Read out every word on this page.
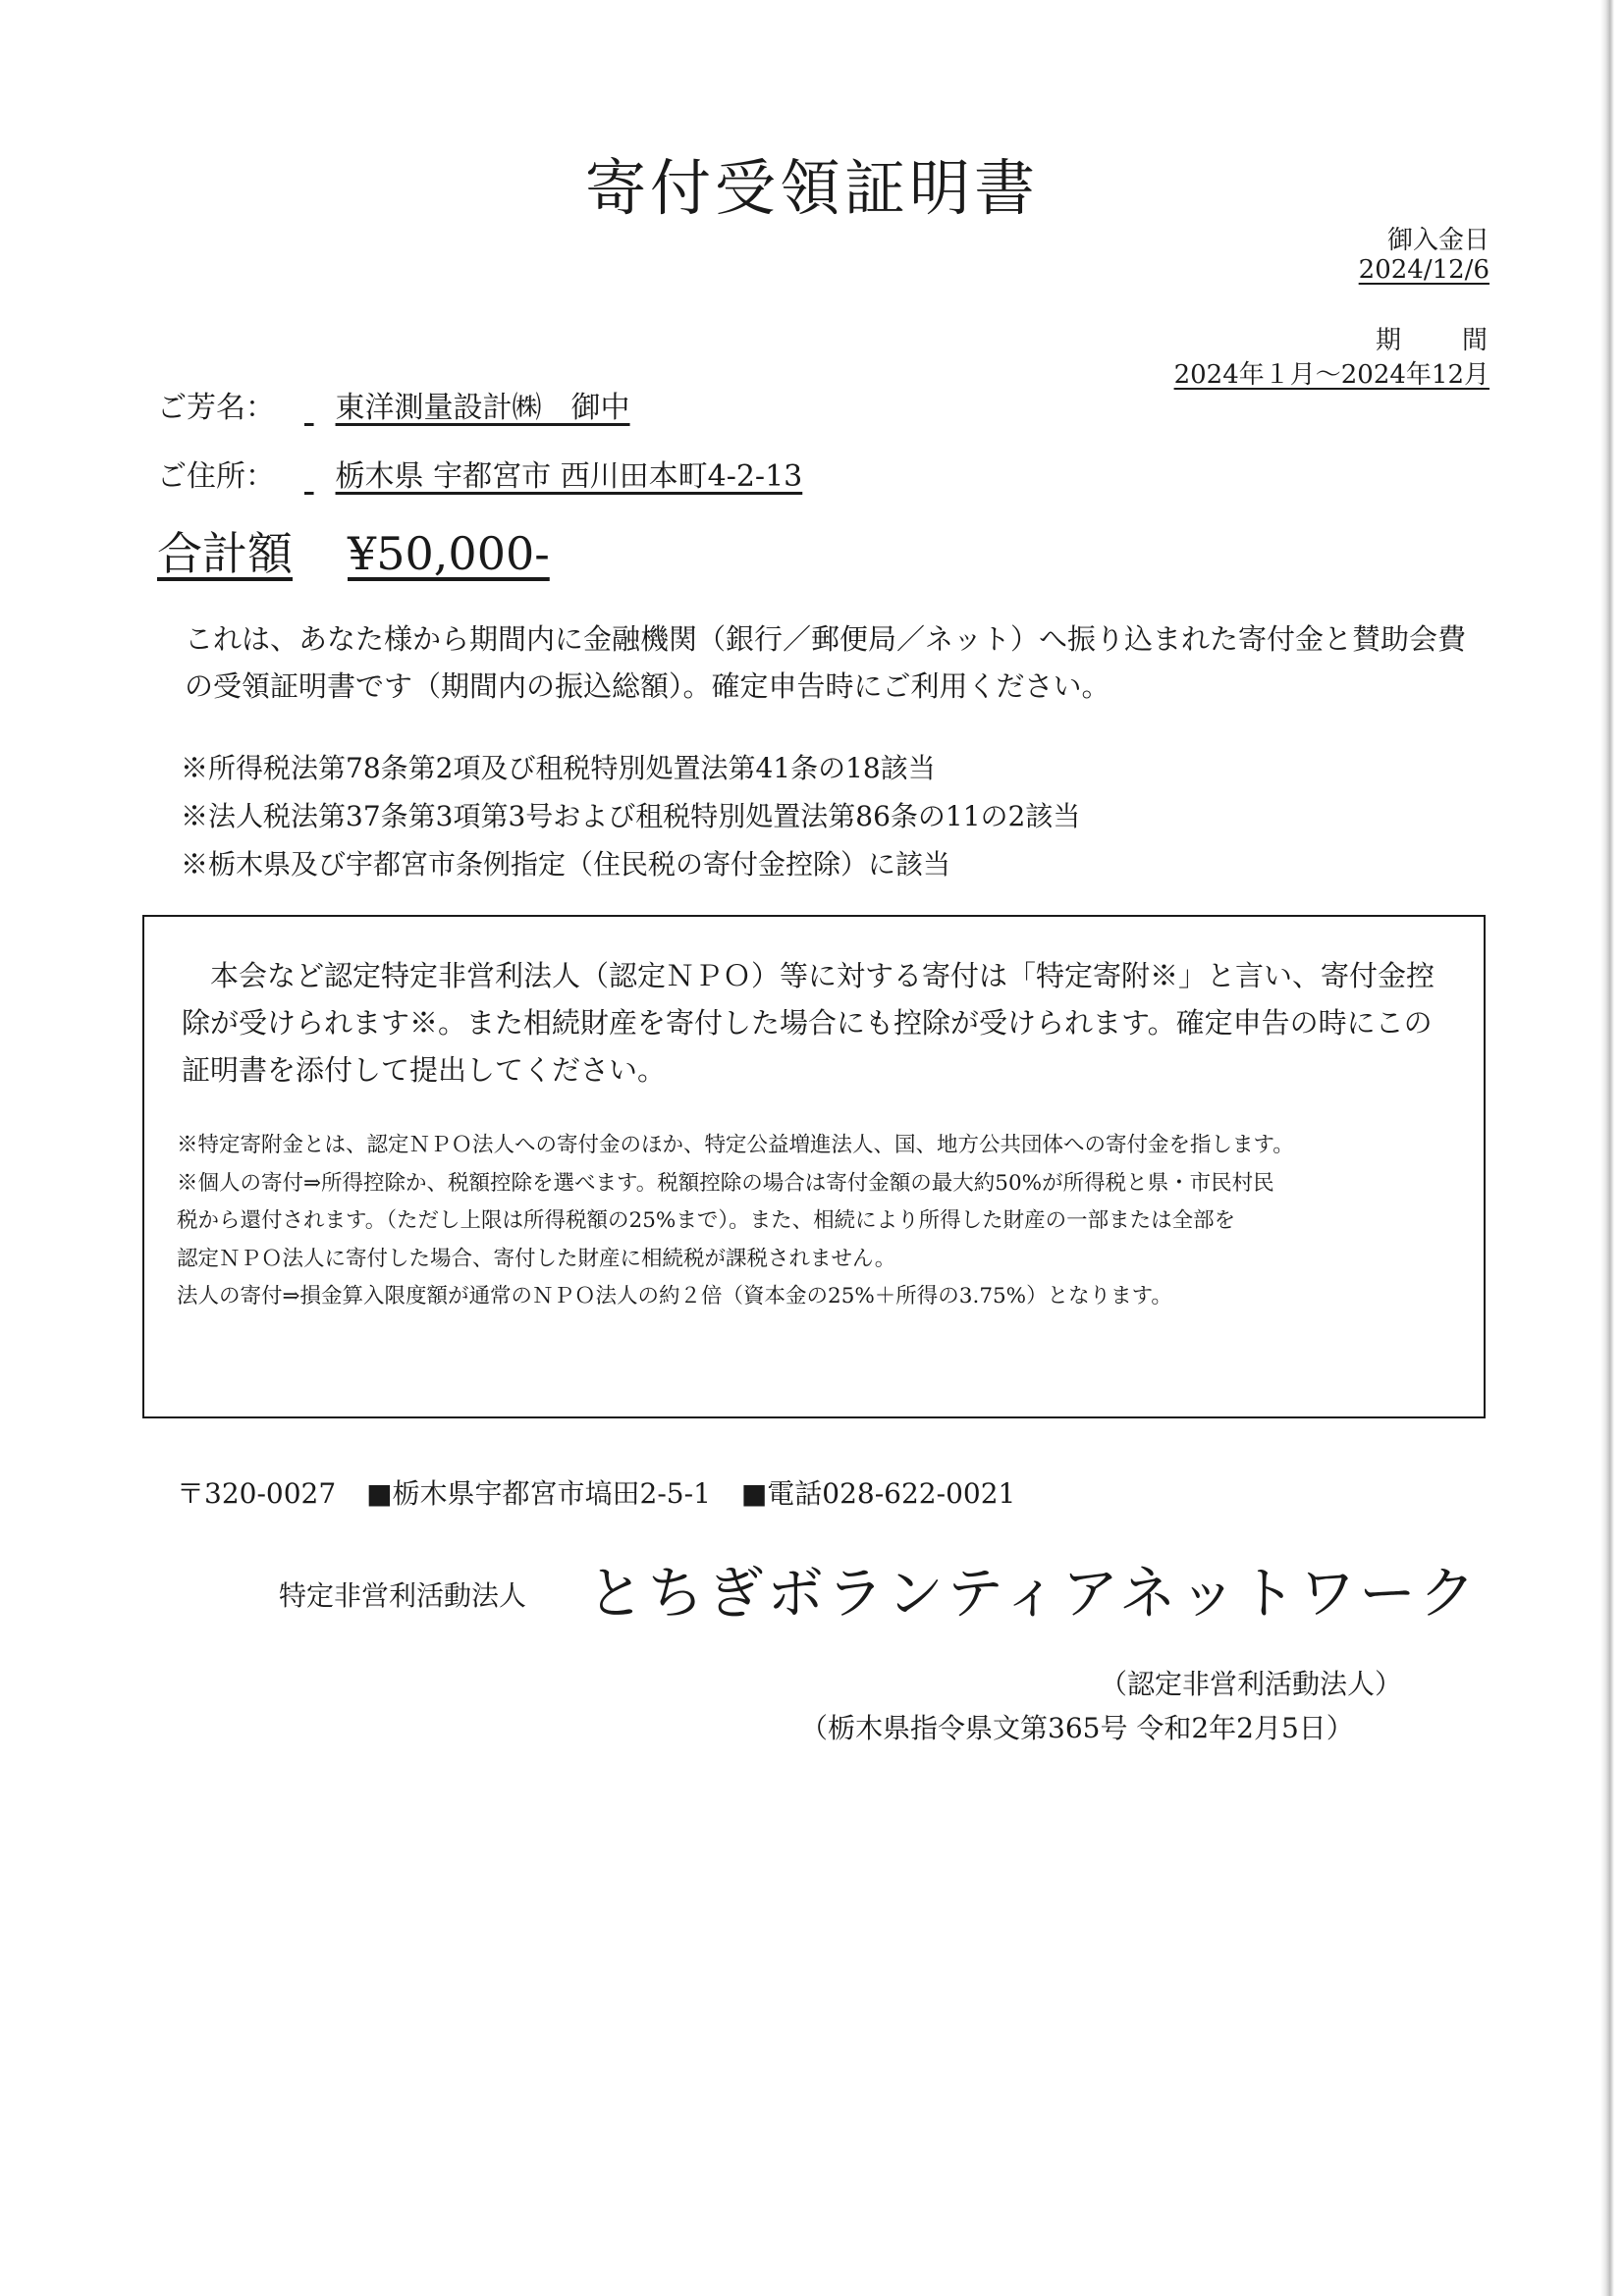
寄付受領証明書
御入金日
2024/12/6
期　間
2024年１月～2024年12月
ご芳名： 東洋測量設計㈱　御中
ご住所： 栃木県 宇都宮市 西川田本町4-2-13
合計額 ¥50,000-

これは、あなた様から期間内に金融機関（銀行／郵便局／ネット）へ振り込まれた寄付金と賛助会費の受領証明書です（期間内の振込総額）。確定申告時にご利用ください。

※所得税法第78条第2項及び租税特別処置法第41条の18該当
※法人税法第37条第3項第3号および租税特別処置法第86条の11の2該当
※栃木県及び宇都宮市条例指定（住民税の寄付金控除）に該当
　本会など認定特定非営利法人（認定ＮＰＯ）等に対する寄付は「特定寄附※」と言い、寄付金控除が受けられます※。また相続財産を寄付した場合にも控除が受けられます。確定申告の時にこの証明書を添付して提出してください。
※特定寄附金とは、認定ＮＰＯ法人への寄付金のほか、特定公益増進法人、国、地方公共団体への寄付金を指します。
※個人の寄付⇒所得控除か、税額控除を選べます。税額控除の場合は寄付金額の最大約50%が所得税と県・市民村民
税から還付されます。（ただし上限は所得税額の25%まで）。また、相続により所得した財産の一部または全部を
認定ＮＰＯ法人に寄付した場合、寄付した財産に相続税が課税されません。
法人の寄付⇒損金算入限度額が通常のＮＰＯ法人の約２倍（資本金の25%＋所得の3.75%）となります。
〒320-0027 ■栃木県宇都宮市塙田2-5-1 ■電話028-622-0021
特定非営利活動法人 とちぎボランティアネットワーク
（認定非営利活動法人）
（栃木県指令県文第365号 令和2年2月5日）
